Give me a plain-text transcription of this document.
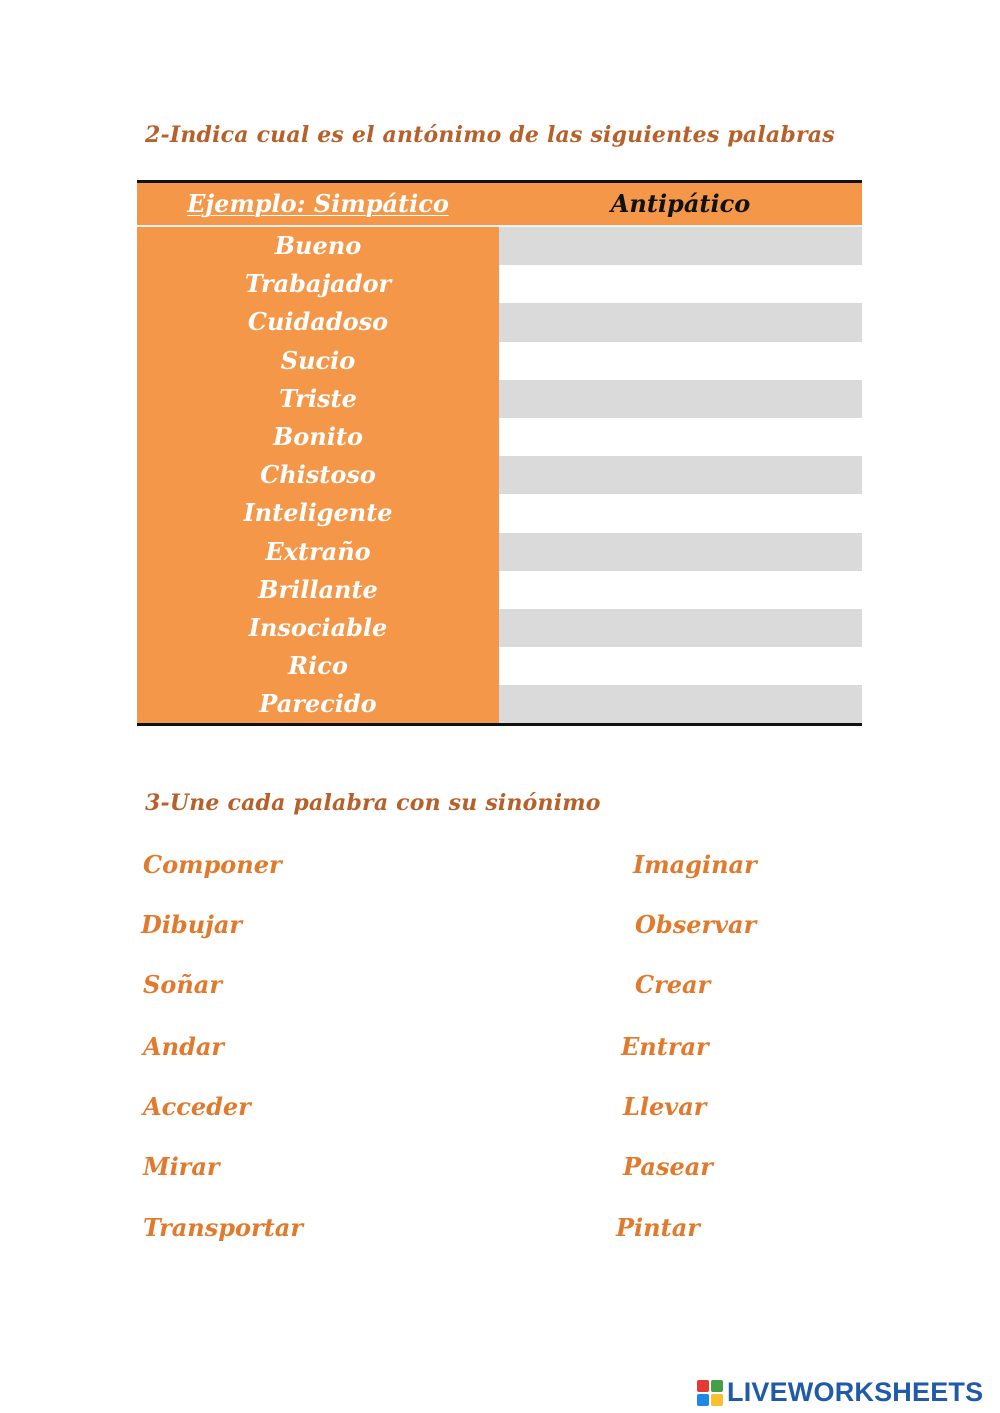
2-Indica cual es el antónimo de las siguientes palabras
Ejemplo: Simpático	Antipático
Bueno
Trabajador
Cuidadoso
Sucio
Triste
Bonito
Chistoso
Inteligente
Extraño
Brillante
Insociable
Rico
Parecido
3-Une cada palabra con su sinónimo
Componer
Dibujar
Soñar
Andar
Acceder
Mirar
Transportar
Imaginar
Observar
Crear
Entrar
Llevar
Pasear
Pintar
LIVEWORKSHEETS
